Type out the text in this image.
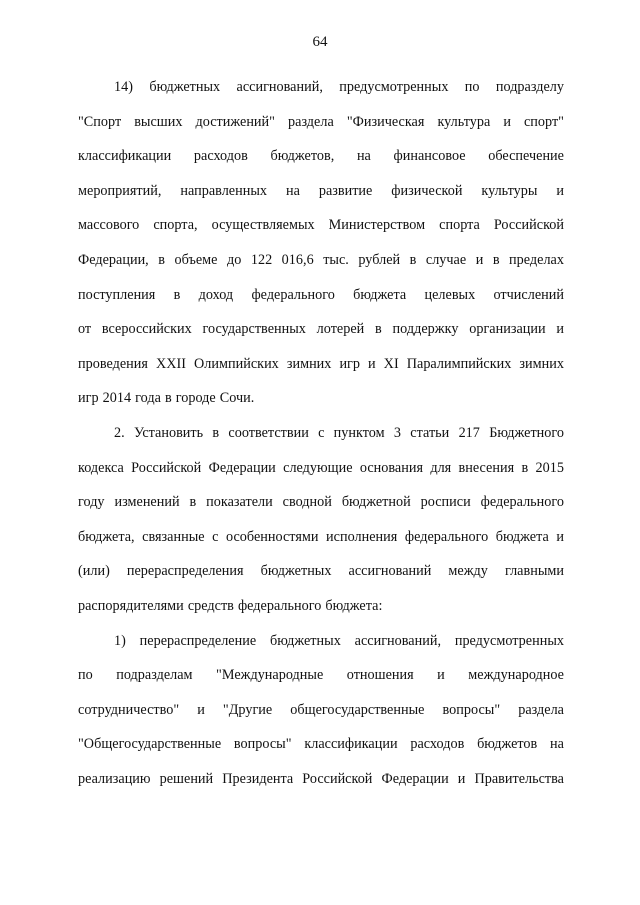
64

14) бюджетных ассигнований, предусмотренных по подразделу
"Спорт высших достижений" раздела "Физическая культура и спорт"
классификации расходов бюджетов, на финансовое обеспечение
мероприятий, направленных на развитие физической культуры и
массового спорта, осуществляемых Министерством спорта Российской
Федерации, в объеме до 122 016,6 тыс. рублей в случае и в пределах
поступления в доход федерального бюджета целевых отчислений
от всероссийских государственных лотерей в поддержку организации и
проведения XXII Олимпийских зимних игр и XI Паралимпийских зимних
игр 2014 года в городе Сочи.

2. Установить в соответствии с пунктом 3 статьи 217 Бюджетного
кодекса Российской Федерации следующие основания для внесения в 2015
году изменений в показатели сводной бюджетной росписи федерального
бюджета, связанные с особенностями исполнения федерального бюджета и
(или) перераспределения бюджетных ассигнований между главными
распорядителями средств федерального бюджета:

1) перераспределение бюджетных ассигнований, предусмотренных
по подразделам "Международные отношения и международное
сотрудничество" и "Другие общегосударственные вопросы" раздела
"Общегосударственные вопросы" классификации расходов бюджетов на
реализацию решений Президента Российской Федерации и Правительства
